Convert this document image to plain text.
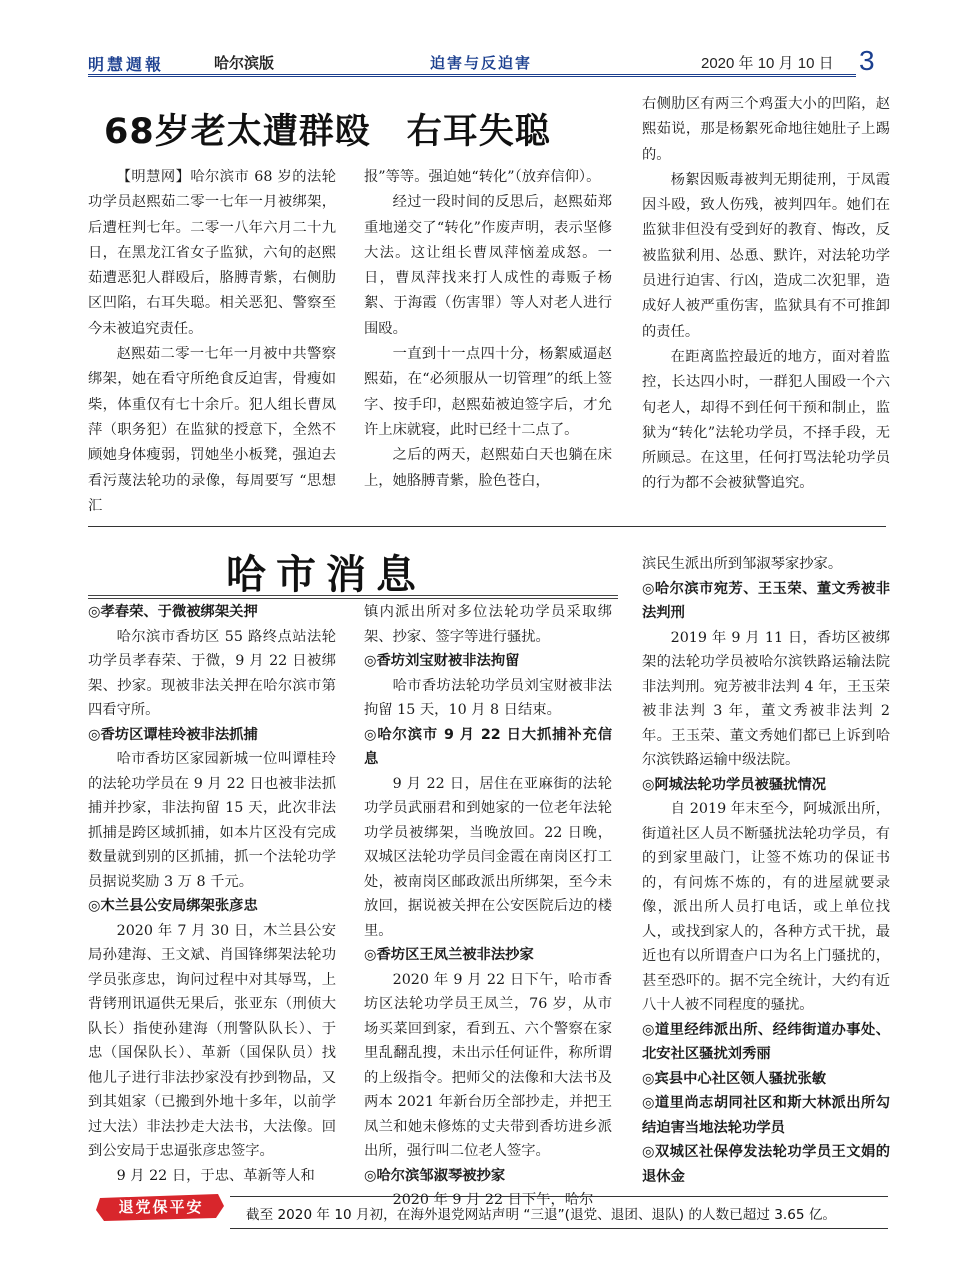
明慧週報	哈尔滨版	迫害与反迫害	2020 年 10 月 10 日 3
68岁老太遭群殴 右耳失聪

【明慧网】哈尔滨市 68 岁的法轮功学员赵熙茹二零一七年一月被绑架，后遭枉判七年。二零一八年六月二十九日，在黑龙江省女子监狱，六旬的赵熙茹遭恶犯人群殴后，胳膊青紫，右侧肋区凹陷，右耳失聪。相关恶犯、警察至今未被追究责任。

赵熙茹二零一七年一月被中共警察绑架，她在看守所绝食反迫害，骨瘦如柴，体重仅有七十余斤。犯人组长曹凤萍（职务犯）在监狱的授意下，全然不顾她身体瘦弱，罚她坐小板凳，强迫去看污蔑法轮功的录像，每周要写 “思想汇

报”等等。强迫她“转化”（放弃信仰）。

经过一段时间的反思后，赵熙茹郑重地递交了“转化”作废声明，表示坚修大法。这让组长曹凤萍恼羞成怒。一日，曹凤萍找来打人成性的毒贩子杨絮、于海霞（伤害罪）等人对老人进行围殴。

一直到十一点四十分，杨絮威逼赵熙茹，在“必须服从一切管理”的纸上签字、按手印，赵熙茹被迫签字后，才允许上床就寝，此时已经十二点了。

之后的两天，赵熙茹白天也躺在床上，她胳膊青紫，脸色苍白，

右侧肋区有两三个鸡蛋大小的凹陷，赵熙茹说，那是杨絮死命地往她肚子上踢的。

杨絮因贩毒被判无期徒刑，于凤霞因斗殴，致人伤残，被判四年。她们在监狱非但没有受到好的教育、悔改，反被监狱利用、怂恿、默许，对法轮功学员进行迫害、行凶，造成二次犯罪，造成好人被严重伤害，监狱具有不可推卸的责任。

在距离监控最近的地方，面对着监控，长达四小时，一群犯人围殴一个六旬老人，却得不到任何干预和制止，监狱为“转化”法轮功学员，不择手段，无所顾忌。在这里，任何打骂法轮功学员的行为都不会被狱警追究。

哈市消息
◎孝春荣、于微被绑架关押

哈尔滨市香坊区 55 路终点站法轮功学员孝春荣、于微，9 月 22 日被绑架、抄家。现被非法关押在哈尔滨市第四看守所。

◎香坊区谭桂玲被非法抓捕

哈市香坊区家园新城一位叫谭桂玲的法轮功学员在 9 月 22 日也被非法抓捕并抄家，非法拘留 15 天，此次非法抓捕是跨区域抓捕，如本片区没有完成数量就到别的区抓捕，抓一个法轮功学员据说奖励 3 万 8 千元。

◎木兰县公安局绑架张彦忠

2020 年 7 月 30 日，木兰县公安局孙建海、王文斌、肖国锋绑架法轮功学员张彦忠，询问过程中对其辱骂，上背铐刑讯逼供无果后，张亚东（刑侦大队长）指使孙建海（刑警队队长）、于忠（国保队长）、革新（国保队员）找他儿子进行非法抄家没有抄到物品，又到其姐家（已搬到外地十多年，以前学过大法）非法抄走大法书，大法像。回到公安局于忠逼张彦忠签字。

9 月 22 日，于忠、革新等人和

镇内派出所对多位法轮功学员采取绑架、抄家、签字等进行骚扰。

◎香坊刘宝财被非法拘留

哈市香坊法轮功学员刘宝财被非法拘留 15 天，10 月 8 日结束。

◎哈尔滨市 9 月 22 日大抓捕补充信息

9 月 22 日，居住在亚麻街的法轮功学员武丽君和到她家的一位老年法轮功学员被绑架，当晚放回。22 日晚，双城区法轮功学员闫金霞在南岗区打工处，被南岗区邮政派出所绑架，至今未放回，据说被关押在公安医院后边的楼里。

◎香坊区王凤兰被非法抄家

2020 年 9 月 22 日下午，哈市香坊区法轮功学员王凤兰，76 岁，从市场买菜回到家，看到五、六个警察在家里乱翻乱搜，未出示任何证件，称所谓的上级指令。把师父的法像和大法书及两本 2021 年新台历全部抄走，并把王凤兰和她未修炼的丈夫带到香坊进乡派出所，强行叫二位老人签字。

◎哈尔滨邹淑琴被抄家

2020 年 9 月 22 日下午，哈尔

滨民生派出所到邹淑琴家抄家。

◎哈尔滨市宛芳、王玉荣、董文秀被非法判刑

2019 年 9 月 11 日，香坊区被绑架的法轮功学员被哈尔滨铁路运输法院非法判刑。宛芳被非法判 4 年，王玉荣被非法判 3 年，董文秀被非法判 2 年。王玉荣、董文秀她们都已上诉到哈尔滨铁路运输中级法院。

◎阿城法轮功学员被骚扰情况

自 2019 年末至今，阿城派出所，街道社区人员不断骚扰法轮功学员，有的到家里敲门，让签不炼功的保证书的，有问炼不炼的，有的进屋就要录像，派出所人员打电话，或上单位找人，或找到家人的，各种方式干扰，最近也有以所谓查户口为名上门骚扰的，甚至恐吓的。据不完全统计，大约有近八十人被不同程度的骚扰。

◎道里经纬派出所、经纬街道办事处、北安社区骚扰刘秀丽
◎宾县中心社区领人骚扰张敏
◎道里尚志胡同社区和斯大林派出所勾结迫害当地法轮功学员
◎双城区社保停发法轮功学员王文娟的退休金
退党保平安	截至 2020 年 10 月初，在海外退党网站声明 “三退”(退党、退团、退队) 的人数已超过 3.65 亿。
